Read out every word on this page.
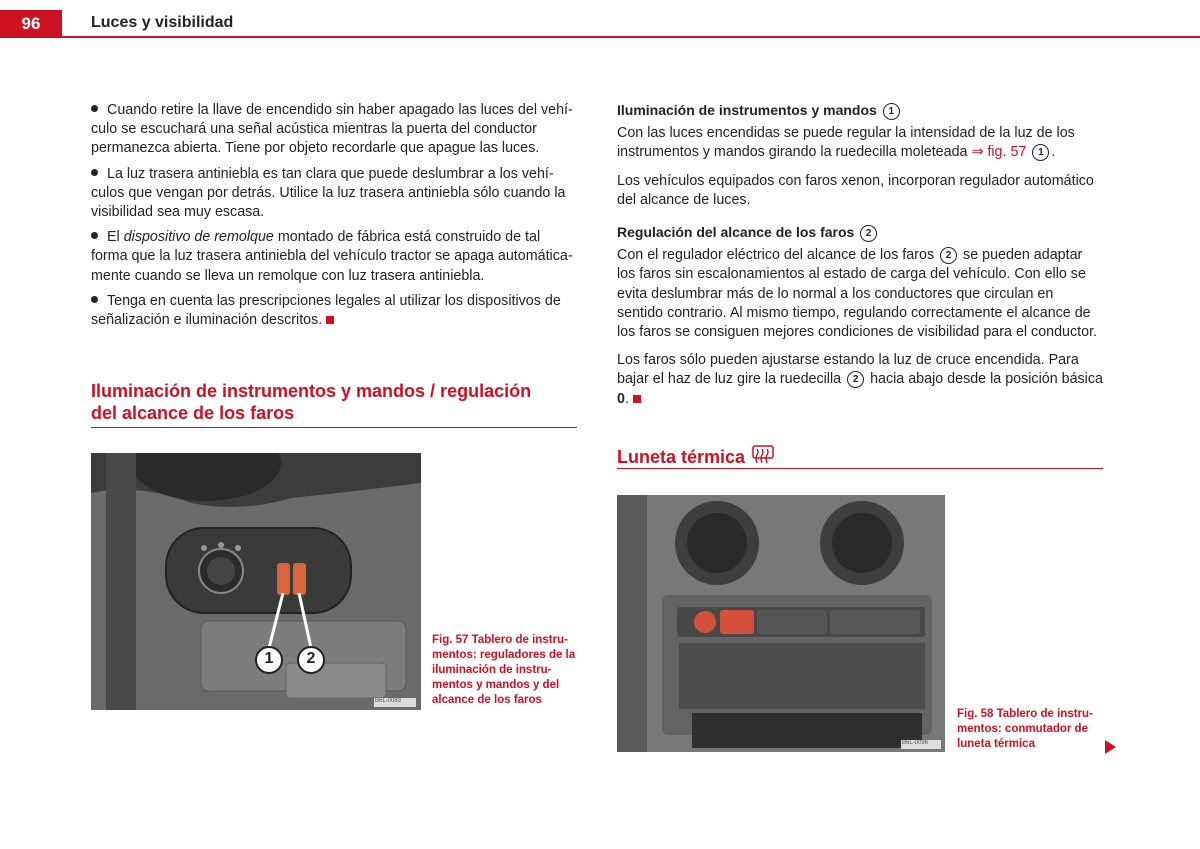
96	Luces y visibilidad

Cuando retire la llave de encendido sin haber apagado las luces del vehículo se escuchará una señal acústica mientras la puerta del conductor permanezca abierta. Tiene por objeto recordarle que apague las luces.

La luz trasera antiniebla es tan clara que puede deslumbrar a los vehículos que vengan por detrás. Utilice la luz trasera antiniebla sólo cuando la visibilidad sea muy escasa.

El dispositivo de remolque montado de fábrica está construido de tal forma que la luz trasera antiniebla del vehículo tractor se apaga automáticamente cuando se lleva un remolque con luz trasera antiniebla.

Tenga en cuenta las prescripciones legales al utilizar los dispositivos de señalización e iluminación descritos.

Iluminación de instrumentos y mandos / regulación del alcance de los faros
1 2
B6L-0083
Fig. 57 Tablero de instrumentos: reguladores de la iluminación de instrumentos y mandos y del alcance de los faros

Iluminación de instrumentos y mandos 1

Con las luces encendidas se puede regular la intensidad de la luz de los instrumentos y mandos girando la ruedecilla moleteada ⇒ fig. 57 1 .

Los vehículos equipados con faros xenon, incorporan regulador automático del alcance de luces.

Regulación del alcance de los faros 2

Con el regulador eléctrico del alcance de los faros 2 se pueden adaptar los faros sin escalonamientos al estado de carga del vehículo. Con ello se evita deslumbrar más de lo normal a los conductores que circulan en sentido contrario. Al mismo tiempo, regulando correctamente el alcance de los faros se consiguen mejores condiciones de visibilidad para el conductor.

Los faros sólo pueden ajustarse estando la luz de cruce encendida. Para bajar el haz de luz gire la ruedecilla 2 hacia abajo desde la posición básica 0.

Luneta térmica
B6L-0096
Fig. 58 Tablero de instrumentos: conmutador de luneta térmica
